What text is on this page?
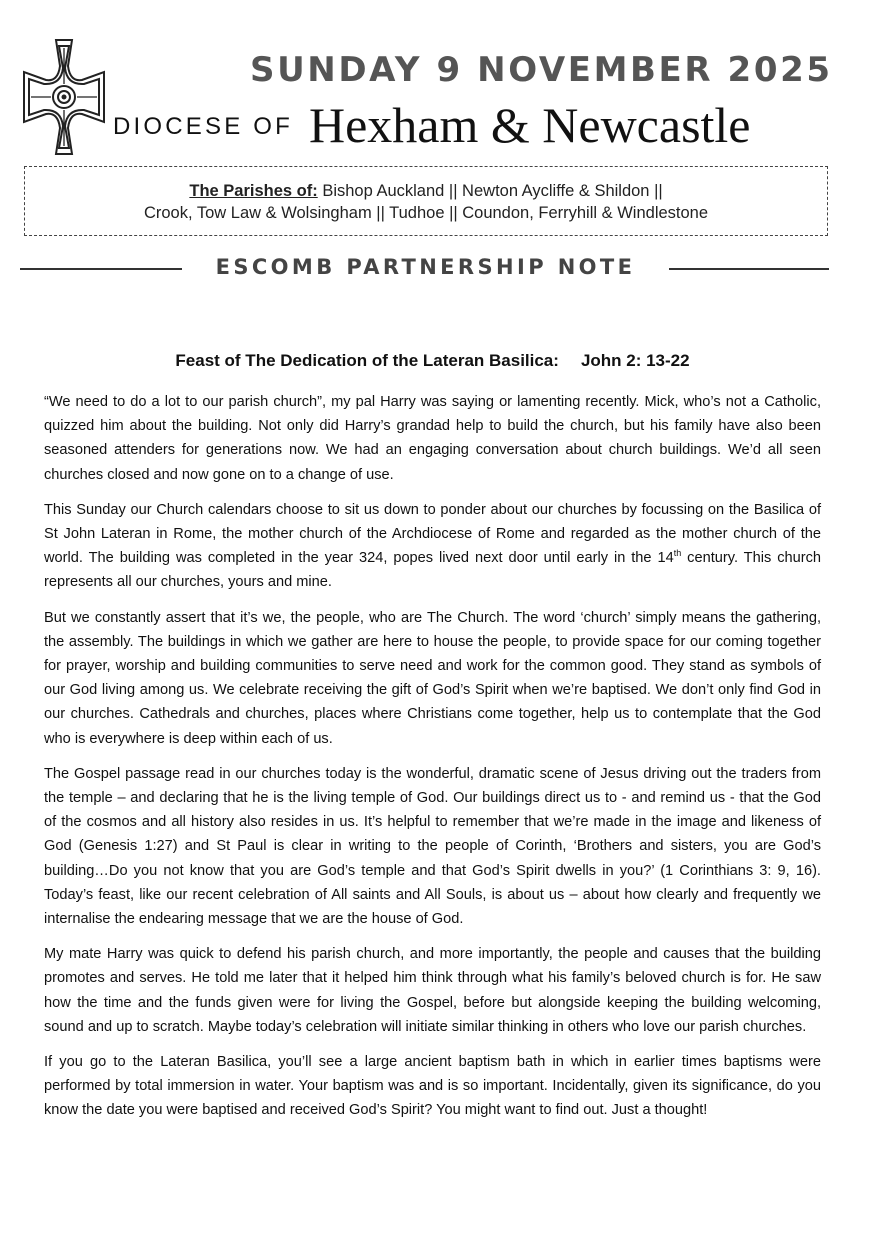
SUNDAY 9 NOVEMBER 2025
DIOCESE OF Hexham & Newcastle
The Parishes of: Bishop Auckland || Newton Aycliffe & Shildon ||
Crook, Tow Law & Wolsingham || Tudhoe || Coundon, Ferryhill & Windlestone
ESCOMB PARTNERSHIP NOTE
Feast of The Dedication of the Lateran Basilica: John 2: 13-22

“We need to do a lot to our parish church”, my pal Harry was saying or lamenting recently. Mick, who’s not a Catholic, quizzed him about the building. Not only did Harry’s grandad help to build the church, but his family have also been seasoned attenders for generations now. We had an engaging conversation about church buildings. We’d all seen churches closed and now gone on to a change of use.

This Sunday our Church calendars choose to sit us down to ponder about our churches by focussing on the Basilica of St John Lateran in Rome, the mother church of the Archdiocese of Rome and regarded as the mother church of the world. The building was completed in the year 324, popes lived next door until early in the 14th century. This church represents all our churches, yours and mine.

But we constantly assert that it’s we, the people, who are The Church. The word ‘church’ simply means the gathering, the assembly. The buildings in which we gather are here to house the people, to provide space for our coming together for prayer, worship and building communities to serve need and work for the common good. They stand as symbols of our God living among us. We celebrate receiving the gift of God’s Spirit when we’re baptised. We don’t only find God in our churches. Cathedrals and churches, places where Christians come together, help us to contemplate that the God who is everywhere is deep within each of us.

The Gospel passage read in our churches today is the wonderful, dramatic scene of Jesus driving out the traders from the temple – and declaring that he is the living temple of God. Our buildings direct us to - and remind us - that the God of the cosmos and all history also resides in us. It’s helpful to remember that we’re made in the image and likeness of God (Genesis 1:27) and St Paul is clear in writing to the people of Corinth, ‘Brothers and sisters, you are God’s building…Do you not know that you are God’s temple and that God’s Spirit dwells in you?’ (1 Corinthians 3: 9, 16). Today’s feast, like our recent celebration of All saints and All Souls, is about us – about how clearly and frequently we internalise the endearing message that we are the house of God.

My mate Harry was quick to defend his parish church, and more importantly, the people and causes that the building promotes and serves. He told me later that it helped him think through what his family’s beloved church is for. He saw how the time and the funds given were for living the Gospel, before but alongside keeping the building welcoming, sound and up to scratch. Maybe today’s celebration will initiate similar thinking in others who love our parish churches.

If you go to the Lateran Basilica, you’ll see a large ancient baptism bath in which in earlier times baptisms were performed by total immersion in water. Your baptism was and is so important. Incidentally, given its significance, do you know the date you were baptised and received God’s Spirit? You might want to find out. Just a thought!
